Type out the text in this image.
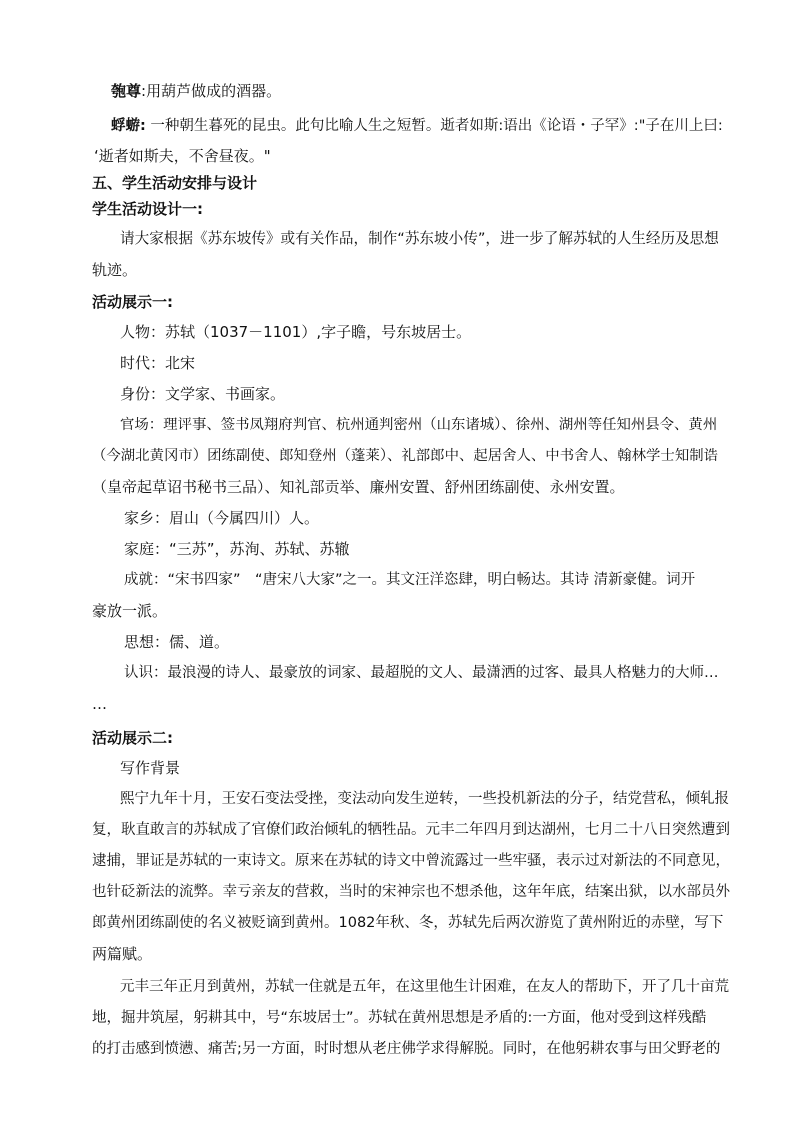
匏尊:用葫芦做成的酒器。
蜉蝣: 一种朝生暮死的昆虫。此句比喻人生之短暂。逝者如斯:语出《论语・子罕》:"子在川上曰:
‘逝者如斯夫，不舍昼夜。"
五、学生活动安排与设计
学生活动设计一:
请大家根据《苏东坡传》或有关作品，制作“苏东坡小传”，进一步了解苏轼的人生经历及思想
轨迹。
活动展示一:
人物：苏轼（1037－1101）,字子瞻，号东坡居士。
时代：北宋
身份：文学家、书画家。
官场：理评事、签书凤翔府判官、杭州通判密州（山东诸城）、徐州、湖州等任知州县令、黄州
（今湖北黄冈市）团练副使、郎知登州（蓬莱）、礼部郎中、起居舍人、中书舍人、翰林学士知制诰
（皇帝起草诏书秘书三品）、知礼部贡举、廉州安置、舒州团练副使、永州安置。
家乡：眉山（今属四川）人。
家庭：“三苏”，苏洵、苏轼、苏辙
成就：“宋书四家”　“唐宋八大家”之一。其文汪洋恣肆，明白畅达。其诗 清新豪健。词开
豪放一派。
思想：儒、道。
认识：最浪漫的诗人、最豪放的词家、最超脱的文人、最潇洒的过客、最具人格魅力的大师…
…
活动展示二:
写作背景
熙宁九年十月，王安石变法受挫，变法动向发生逆转，一些投机新法的分子，结党营私，倾轧报
复，耿直敢言的苏轼成了官僚们政治倾轧的牺牲品。元丰二年四月到达湖州，七月二十八日突然遭到
逮捕，罪证是苏轼的一束诗文。原来在苏轼的诗文中曾流露过一些牢骚，表示过对新法的不同意见，
也针砭新法的流弊。幸亏亲友的营救，当时的宋神宗也不想杀他，这年年底，结案出狱，以水部员外
郎黄州团练副使的名义被贬谪到黄州。1082年秋、冬，苏轼先后两次游览了黄州附近的赤壁，写下
两篇赋。
元丰三年正月到黄州，苏轼一住就是五年，在这里他生计困难，在友人的帮助下，开了几十亩荒
地，掘井筑屋，躬耕其中，号“东坡居士”。苏轼在黄州思想是矛盾的:一方面，他对受到这样残酷
的打击感到愤懑、痛苦;另一方面，时时想从老庄佛学求得解脱。同时，在他躬耕农事与田父野老的
